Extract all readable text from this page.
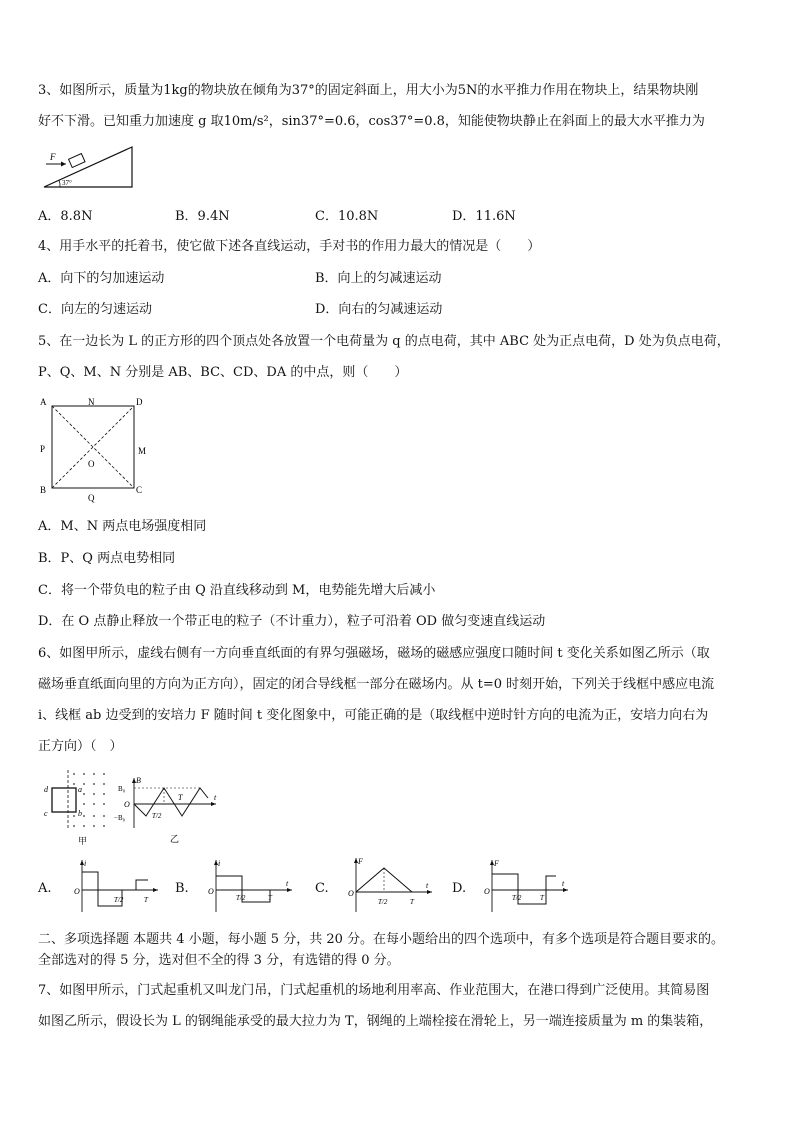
3、如图所示，质量为1kg的物块放在倾角为37°的固定斜面上，用大小为5N的水平推力作用在物块上，结果物块刚
好不下滑。已知重力加速度 g 取10m/s²，sin37°=0.6，cos37°=0.8，知能使物块静止在斜面上的最大水平推力为
F
37°
A．8.8N	B．9.4N	C．10.8N	D．11.6N
4、用手水平的托着书，使它做下述各直线运动，手对书的作用力最大的情况是（　　）
A．向下的匀加速运动	B．向上的匀减速运动
C．向左的匀速运动	D．向右的匀减速运动
5、在一边长为 L 的正方形的四个顶点处各放置一个电荷量为 q 的点电荷，其中 ABC 处为正点电荷，D 处为负点电荷，
P、Q、M、N 分别是 AB、BC、CD、DA 的中点，则（　　）
A	N	D
P	M
O
B	C
Q
A．M、N 两点电场强度相同
B．P、Q 两点电势相同
C．将一个带负电的粒子由 Q 沿直线移动到 M，电势能先增大后减小
D．在 O 点静止释放一个带正电的粒子（不计重力），粒子可沿着 OD 做匀变速直线运动
6、如图甲所示，虚线右侧有一方向垂直纸面的有界匀强磁场，磁场的磁感应强度口随时间 t 变化关系如图乙所示（取
磁场垂直纸面向里的方向为正方向），固定的闭合导线框一部分在磁场内。从 t=0 时刻开始，下列关于线框中感应电流
i、线框 ab 边受到的安培力 F 随时间 t 变化图象中，可能正确的是（取线框中逆时针方向的电流为正，安培力向右为
正方向）（　）
d	a
c	b
甲
B
B₀
O
−B₀	T/2
T	t
乙
A.
i
O
T/2	T
B.
i
O
T/2	T
t C.
F
O
T/2	T
t D.
F
O
T/2	T
t
二、多项选择题 本题共 4 小题，每小题 5 分，共 20 分。在每小题给出的四个选项中，有多个选项是符合题目要求的。
全部选对的得 5 分，选对但不全的得 3 分，有选错的得 0 分。
7、如图甲所示，门式起重机又叫龙门吊，门式起重机的场地利用率高、作业范围大，在港口得到广泛使用。其简易图
如图乙所示，假设长为 L 的钢绳能承受的最大拉力为 T，钢绳的上端栓接在滑轮上，另一端连接质量为 m 的集装箱，
